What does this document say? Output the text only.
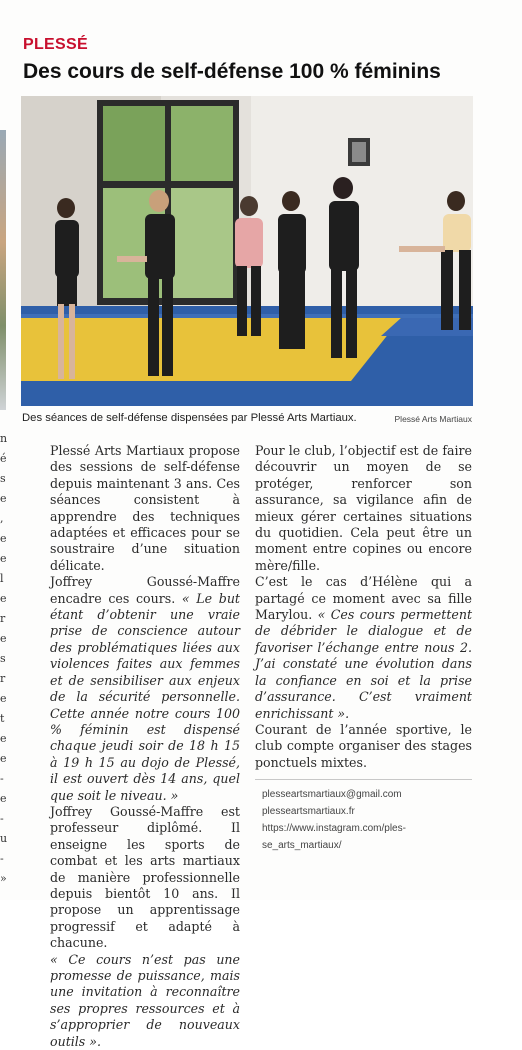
PLESSÉ
Des cours de self-défense 100 % féminins
Des séances de self-défense dispensées par Plessé Arts Martiaux.	Plessé Arts Martiaux

Plessé Arts Martiaux propose des sessions de self-défense depuis maintenant 3 ans. Ces séances consistent à apprendre des techniques adaptées et efficaces pour se soustraire d’une situation délicate.

Joffrey Goussé-Maffre encadre ces cours. « Le but étant d’obtenir une vraie prise de conscience autour des problématiques liées aux violences faites aux femmes et de sensibiliser aux enjeux de la sécurité personnelle. Cette année notre cours 100 % féminin est dispensé chaque jeudi soir de 18 h 15 à 19 h 15 au dojo de Plessé, il est ouvert dès 14 ans, quel que soit le niveau. »

Joffrey Goussé-Maffre est professeur diplômé. Il enseigne les sports de combat et les arts martiaux de manière professionnelle depuis bientôt 10 ans. Il propose un apprentissage progressif et adapté à chacune.

« Ce cours n’est pas une promesse de puissance, mais une invitation à reconnaître ses propres ressources et à s’approprier de nouveaux outils ».

Pour le club, l’objectif est de faire découvrir un moyen de se protéger, renforcer son assurance, sa vigilance afin de mieux gérer certaines situations du quotidien. Cela peut être un moment entre copines ou encore mère/fille.

C’est le cas d’Hélène qui a partagé ce moment avec sa fille Marylou. « Ces cours permettent de débrider le dialogue et de favoriser l’échange entre nous 2. J’ai constaté une évolution dans la confiance en soi et la prise d’assurance. C’est vraiment enrichissant ».

Courant de l’année sportive, le club compte organiser des stages ponctuels mixtes.

plesseartsmartiaux@gmail.com
plesseartsmartiaux.fr
https://www.instagram.com/ples-
se_arts_martiaux/
n
é
s
e
,
e
e
l
e
r
e
s
r
e
t
e
e
-
e
-
u
-
»
